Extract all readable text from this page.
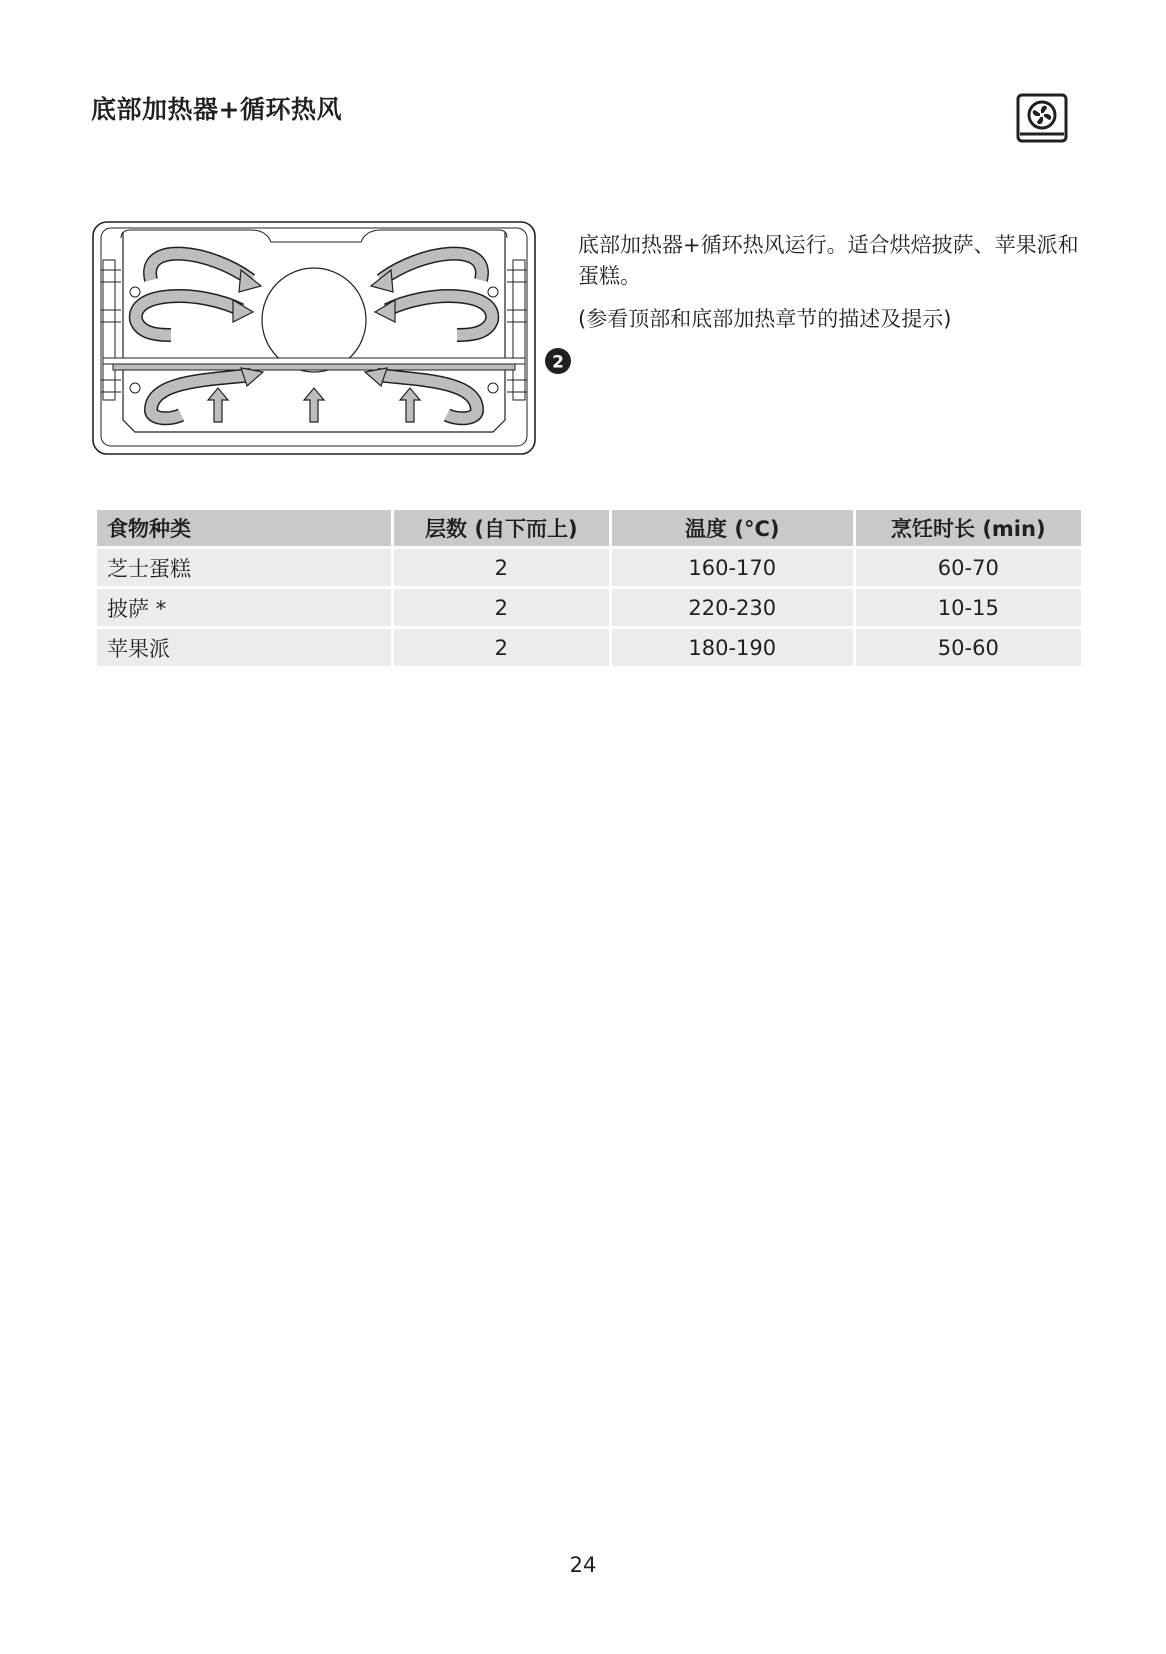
底部加热器+循环热风
2

底部加热器+循环热风运行。适合烘焙披萨、苹果派和蛋糕。

(参看顶部和底部加热章节的描述及提示)

食物种类	层数 (自下而上)	温度 (°C)	烹饪时长 (min)
芝士蛋糕	2	160-170	60-70
披萨 *	2	220-230	10-15
苹果派	2	180-190	50-60
24
